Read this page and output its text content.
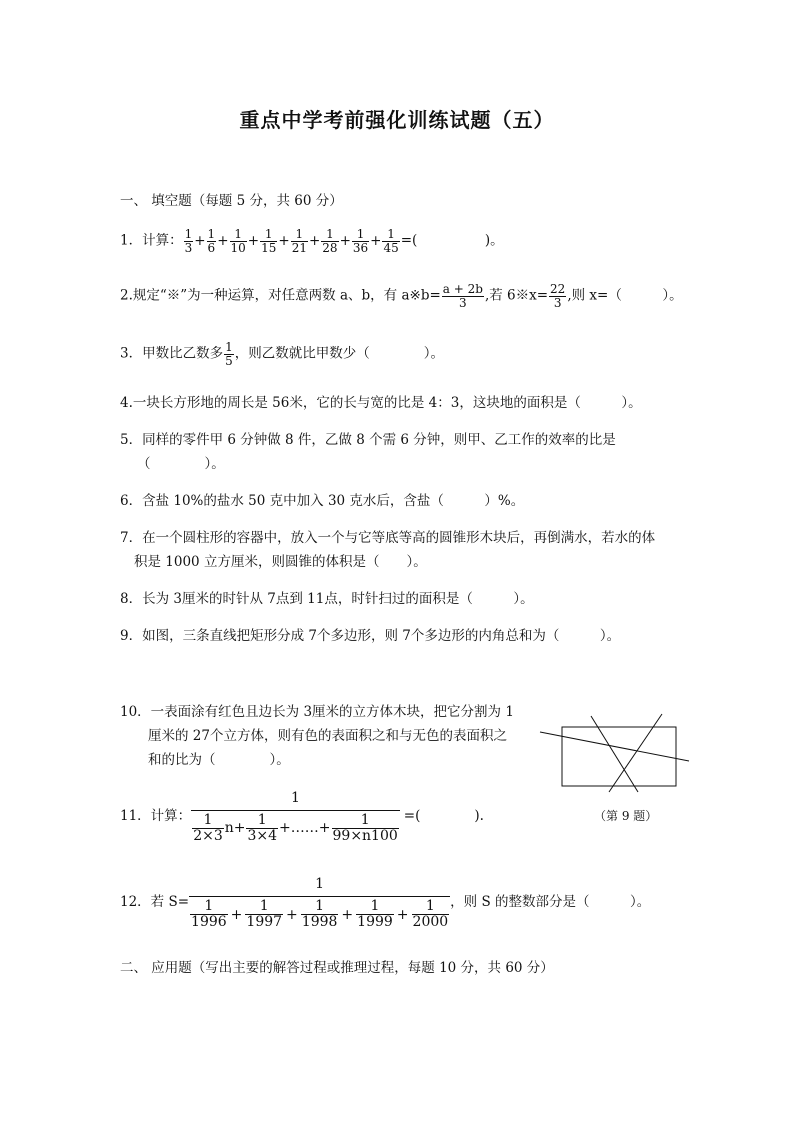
重点中学考前强化训练试题（五）
一、 填空题（每题 5 分，共 60 分）
1．计算： $\frac{1}{3} + \frac{1}{6} + \frac{1}{10} + \frac{1}{15} + \frac{1}{21} + \frac{1}{28} + \frac{1}{36} + \frac{1}{45}$ =(　　　　　)。
2.规定“※”为一种运算，对任意两数 a、b，有 a※b= $\frac{a + 2b}{3}$ ,若 6※x= $\frac{22}{3}$ ,则 x=（　　　）。
3．甲数比乙数多 $\frac{1}{5}$ ，则乙数就比甲数少（　　　　）。
4.一块长方形地的周长是 56米，它的长与宽的比是 4：3，这块地的面积是（　　　）。
5．同样的零件甲 6 分钟做 8 件，乙做 8 个需 6 分钟，则甲、乙工作的效率的比是
（　　　　）。
6．含盐 10%的盐水 50 克中加入 30 克水后，含盐（　　　）%。
7．在一个圆柱形的容器中，放入一个与它等底等高的圆锥形木块后，再倒满水，若水的体
积是 1000 立方厘米，则圆锥的体积是（　　）。
8．长为 3厘米的时针从 7点到 11点，时针扫过的面积是（　　　）。
9．如图，三条直线把矩形分成 7个多边形，则 7个多边形的内角总和为（　　　）。
10．一表面涂有红色且边长为 3厘米的立方体木块，把它分割为 1
厘米的 27个立方体，则有色的表面积之和与无色的表面积之
和的比为（　　　　）。
（第 9 题）
11．计算： $\frac{1}{\frac{1}{2\times 3} n+ \frac{1}{3\times 4} +\dots\dots+ \frac{1}{99\times n100}}$ =(　　　　).
12．若 $S= \frac{1}{\frac{1}{1996} + \frac{1}{1997} + \frac{1}{1998} + \frac{1}{1999} + \frac{1}{2000}}$ ，则 S 的整数部分是（　　　）。
二、 应用题（写出主要的解答过程或推理过程，每题 10 分，共 60 分）
